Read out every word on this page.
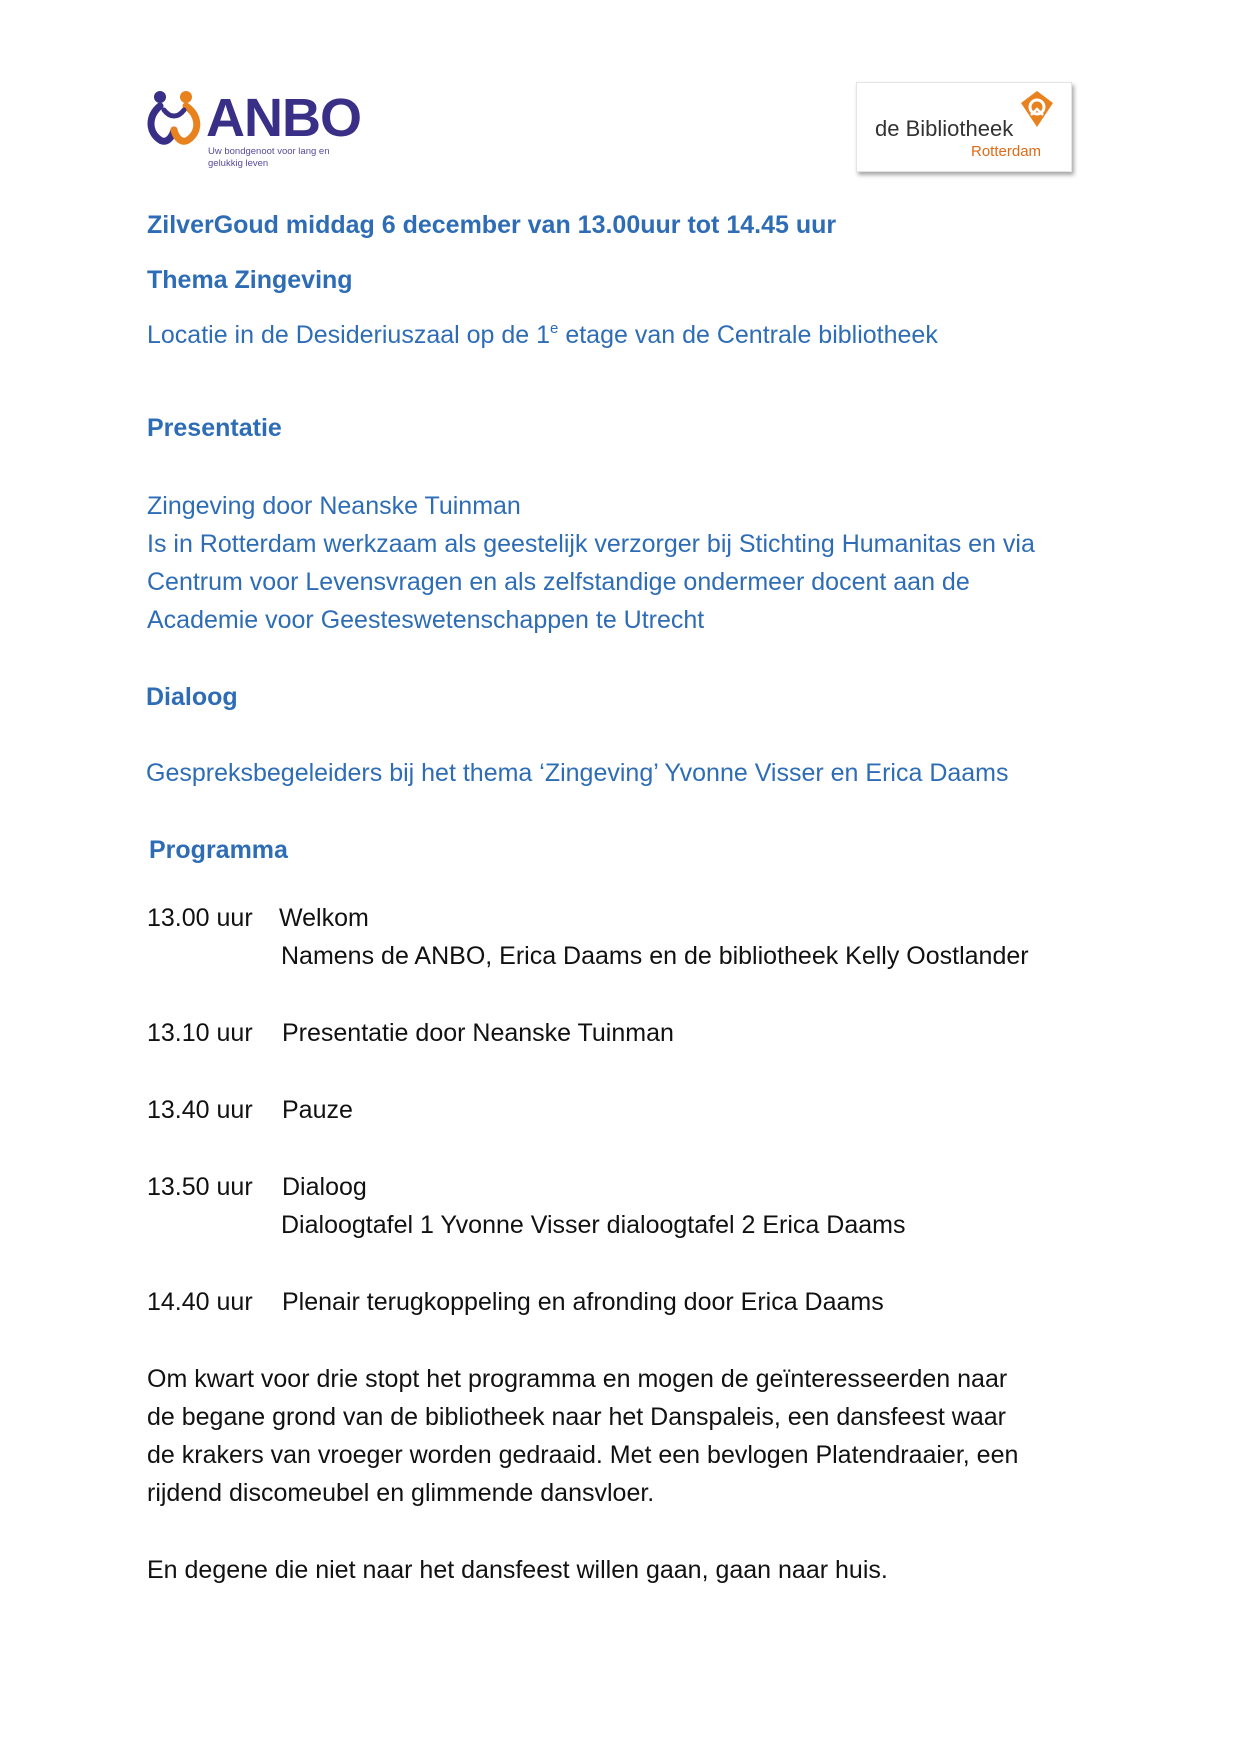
ANBO
Uw bondgenoot voor lang en gelukkig leven
de Bibliotheek
Rotterdam
ZilverGoud middag 6 december van 13.00uur tot 14.45 uur
Thema Zingeving
Locatie in de Desideriuszaal op de 1e etage van de Centrale bibliotheek
Presentatie
Zingeving door Neanske Tuinman
Is in Rotterdam werkzaam als geestelijk verzorger bij Stichting Humanitas en via
Centrum voor Levensvragen en als zelfstandige ondermeer docent aan de
Academie voor Geesteswetenschappen te Utrecht
Dialoog
Gespreksbegeleiders bij het thema ‘Zingeving’ Yvonne Visser en Erica Daams
Programma
13.00 uur Welkom
Namens de ANBO, Erica Daams en de bibliotheek Kelly Oostlander
13.10 uur Presentatie door Neanske Tuinman
13.40 uur Pauze
13.50 uur Dialoog
Dialoogtafel 1 Yvonne Visser dialoogtafel 2 Erica Daams
14.40 uur Plenair terugkoppeling en afronding door Erica Daams
Om kwart voor drie stopt het programma en mogen de geïnteresseerden naar
de begane grond van de bibliotheek naar het Danspaleis, een dansfeest waar
de krakers van vroeger worden gedraaid. Met een bevlogen Platendraaier, een
rijdend discomeubel en glimmende dansvloer.
En degene die niet naar het dansfeest willen gaan, gaan naar huis.
